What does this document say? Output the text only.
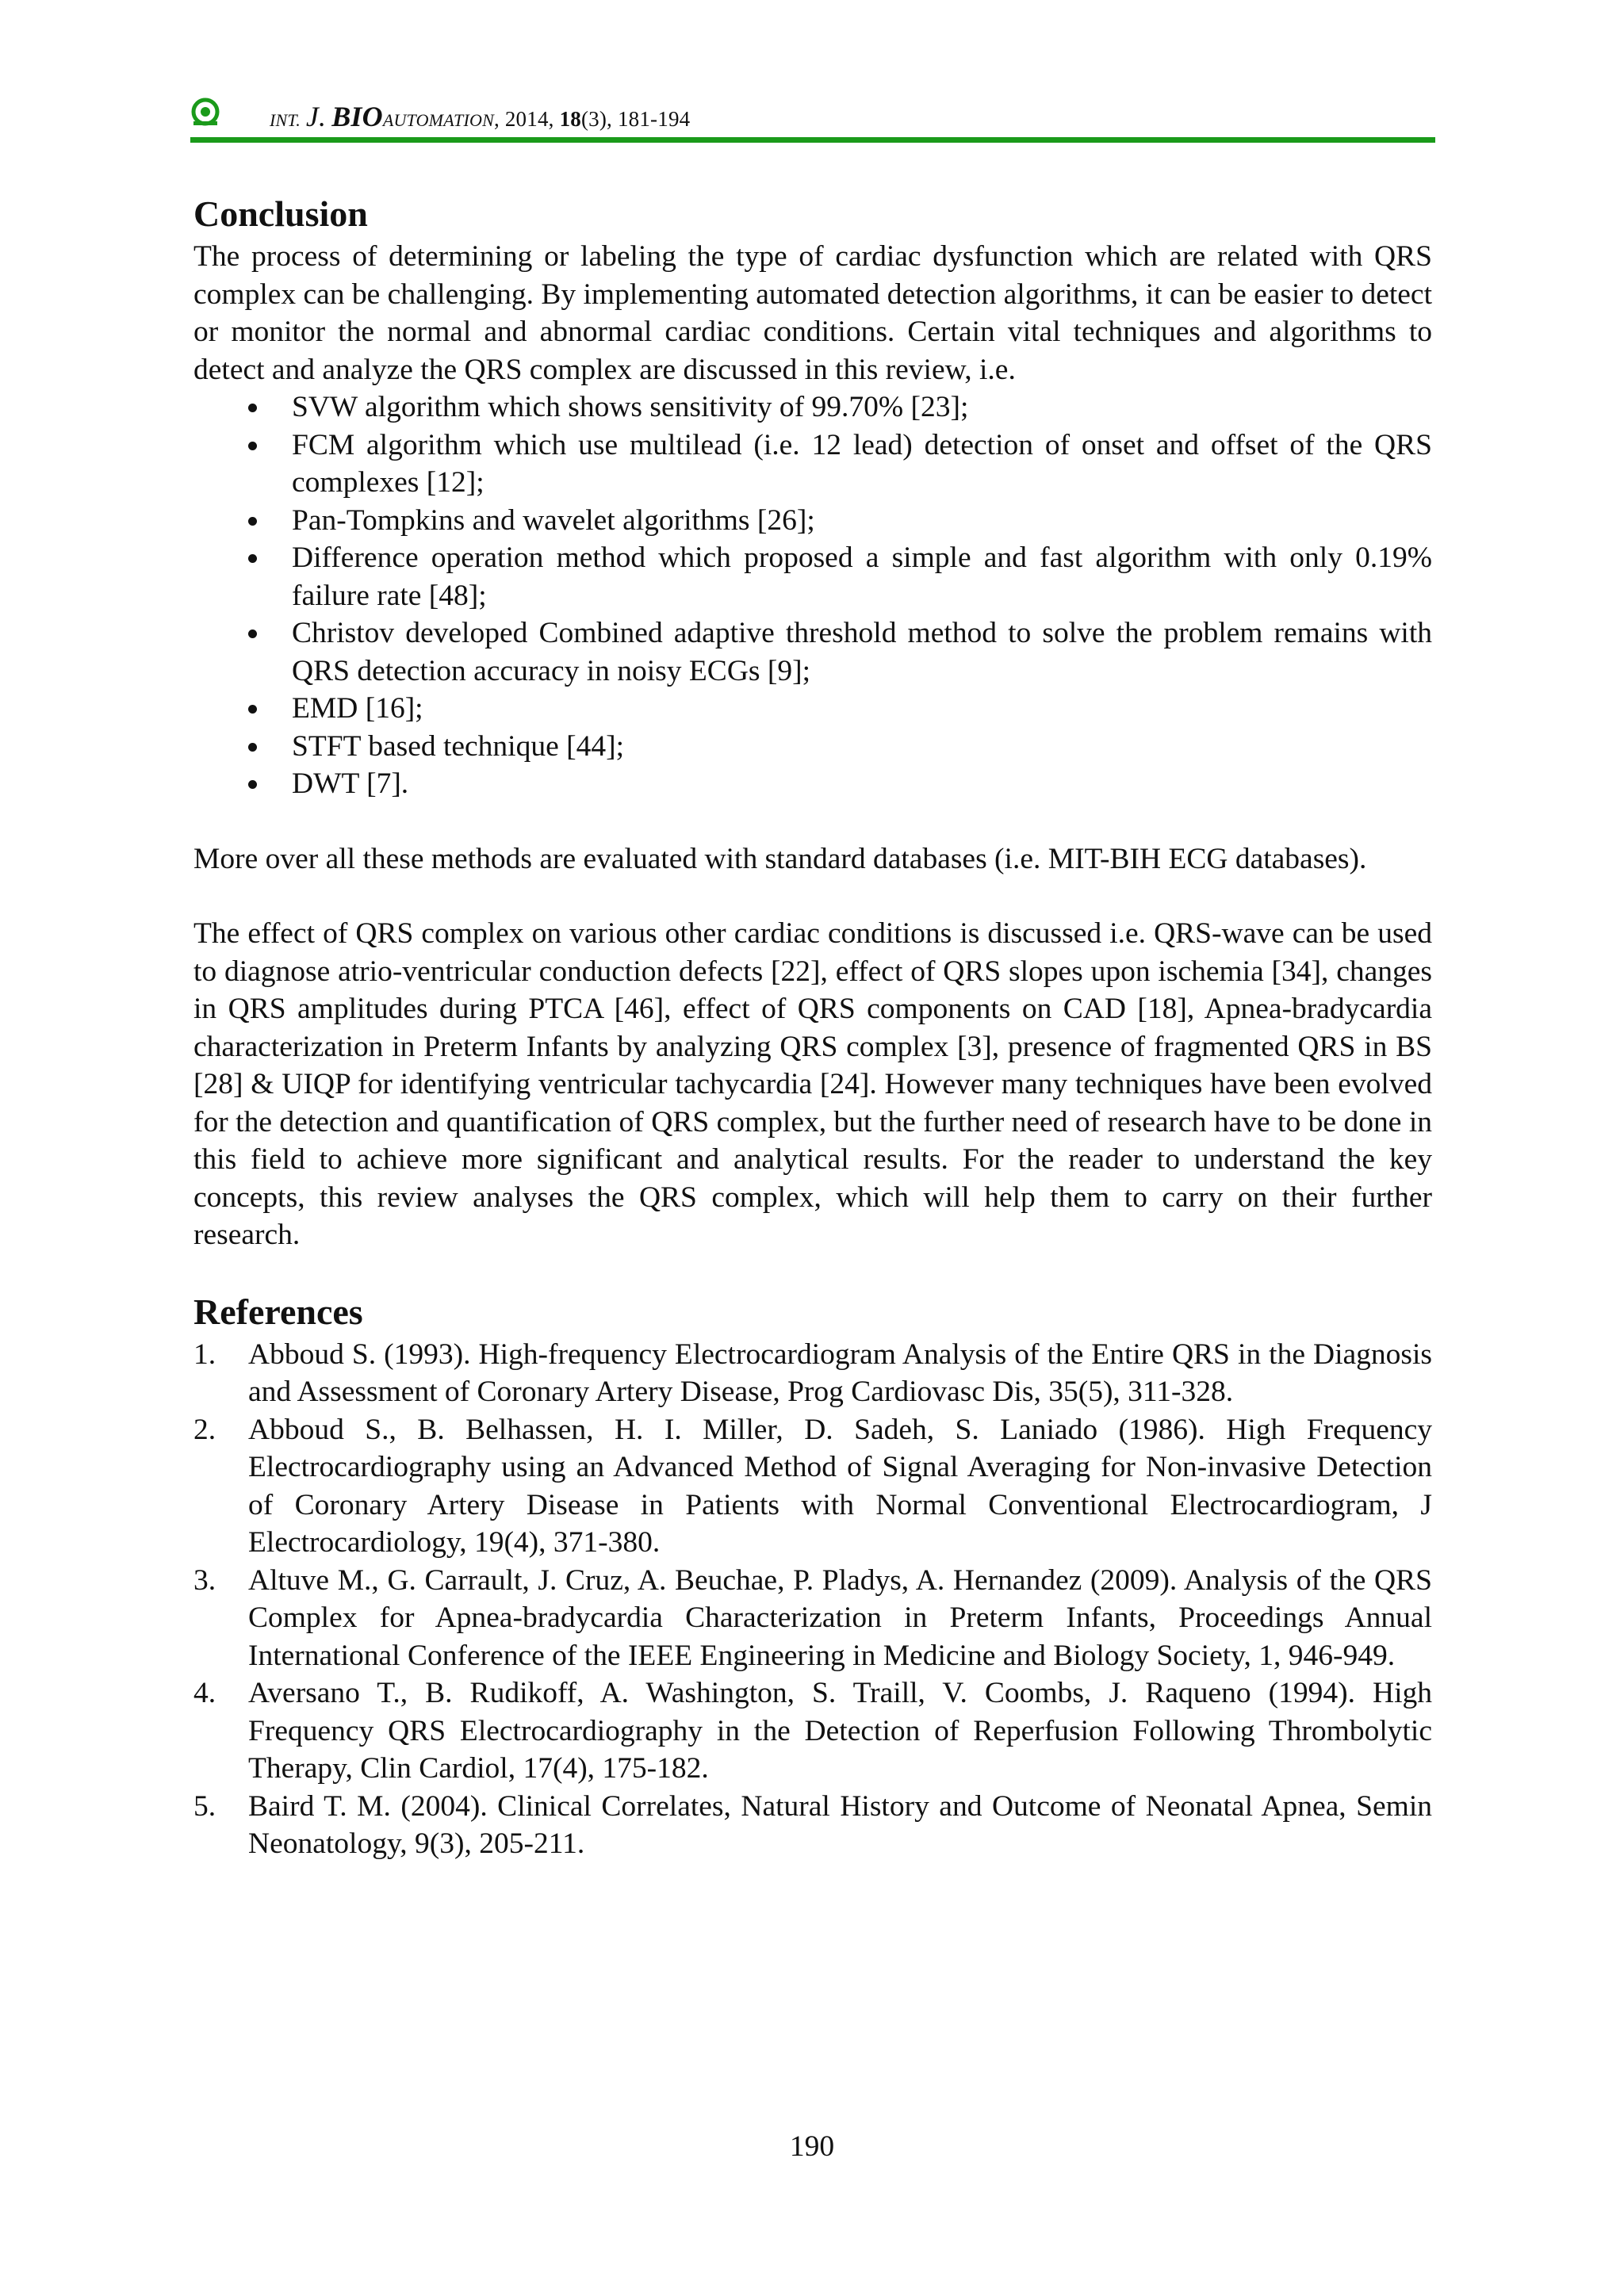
INT. J. BIOAUTOMATION, 2014, 18(3), 181-194
Conclusion

The process of determining or labeling the type of cardiac dysfunction which are related with QRS complex can be challenging. By implementing automated detection algorithms, it can be easier to detect or monitor the normal and abnormal cardiac conditions. Certain vital techniques and algorithms to detect and analyze the QRS complex are discussed in this review, i.e.

SVW algorithm which shows sensitivity of 99.70% [23];
FCM algorithm which use multilead (i.e. 12 lead) detection of onset and offset of the QRS complexes [12];
Pan-Tompkins and wavelet algorithms [26];
Difference operation method which proposed a simple and fast algorithm with only 0.19% failure rate [48];
Christov developed Combined adaptive threshold method to solve the problem remains with QRS detection accuracy in noisy ECGs [9];
EMD [16];
STFT based technique [44];
DWT [7].

More over all these methods are evaluated with standard databases (i.e. MIT-BIH ECG databases).

The effect of QRS complex on various other cardiac conditions is discussed i.e. QRS-wave can be used to diagnose atrio-ventricular conduction defects [22], effect of QRS slopes upon ischemia [34], changes in QRS amplitudes during PTCA [46], effect of QRS components on CAD [18], Apnea-bradycardia characterization in Preterm Infants by analyzing QRS complex [3], presence of fragmented QRS in BS [28] & UIQP for identifying ventricular tachycardia [24]. However many techniques have been evolved for the detection and quantification of QRS complex, but the further need of research have to be done in this field to achieve more significant and analytical results. For the reader to understand the key concepts, this review analyses the QRS complex, which will help them to carry on their further research.

References
1. Abboud S. (1993). High-frequency Electrocardiogram Analysis of the Entire QRS in the Diagnosis and Assessment of Coronary Artery Disease, Prog Cardiovasc Dis, 35(5), 311-328.
2. Abboud S., B. Belhassen, H. I. Miller, D. Sadeh, S. Laniado (1986). High Frequency Electrocardiography using an Advanced Method of Signal Averaging for Non-invasive Detection of Coronary Artery Disease in Patients with Normal Conventional Electrocardiogram, J Electrocardiology, 19(4), 371-380.
3. Altuve M., G. Carrault, J. Cruz, A. Beuchae, P. Pladys, A. Hernandez (2009). Analysis of the QRS Complex for Apnea-bradycardia Characterization in Preterm Infants, Proceedings Annual International Conference of the IEEE Engineering in Medicine and Biology Society, 1, 946-949.
4. Aversano T., B. Rudikoff, A. Washington, S. Traill, V. Coombs, J. Raqueno (1994). High Frequency QRS Electrocardiography in the Detection of Reperfusion Following Thrombolytic Therapy, Clin Cardiol, 17(4), 175-182.
5. Baird T. M. (2004). Clinical Correlates, Natural History and Outcome of Neonatal Apnea, Semin Neonatology, 9(3), 205-211.
190
